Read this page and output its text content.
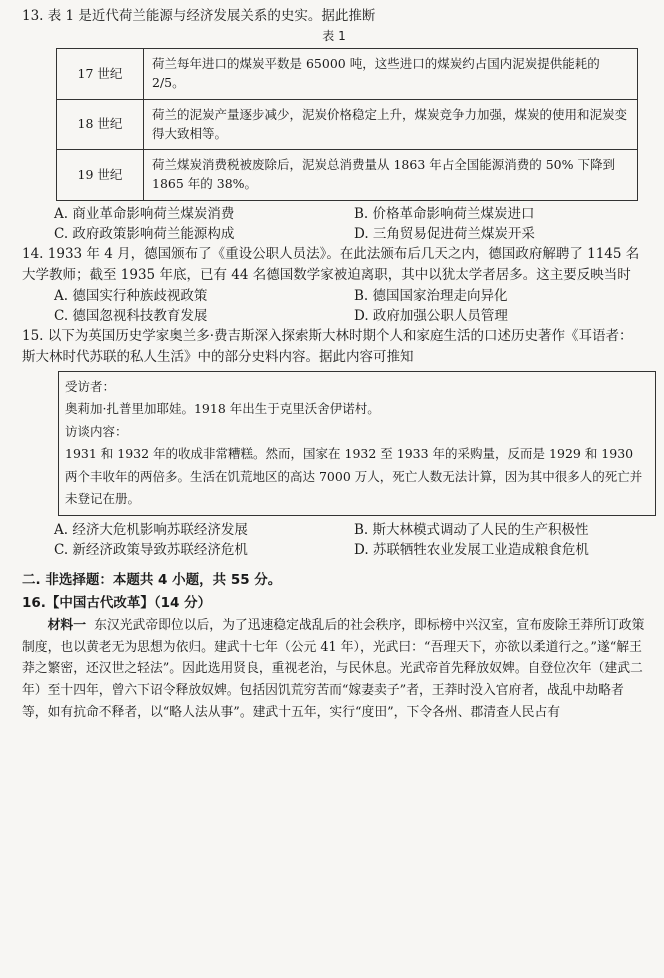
13. 表 1 是近代荷兰能源与经济发展关系的史实。据此推断

表 1

17 世纪	荷兰每年进口的煤炭平数是 65000 吨，这些进口的煤炭约占国内泥炭提供能耗的 2/5。
18 世纪	荷兰的泥炭产量逐步减少，泥炭价格稳定上升，煤炭竞争力加强，煤炭的使用和泥炭变得大致相等。
19 世纪	荷兰煤炭消费税被废除后，泥炭总消费量从 1863 年占全国能源消费的 50% 下降到 1865 年的 38%。
A. 商业革命影响荷兰煤炭消费	B. 价格革命影响荷兰煤炭进口
C. 政府政策影响荷兰能源构成	D. 三角贸易促进荷兰煤炭开采

14. 1933 年 4 月，德国颁布了《重设公职人员法》。在此法颁布后几天之内，德国政府解聘了 1145 名大学教师；截至 1935 年底，已有 44 名德国数学家被迫离职，其中以犹太学者居多。这主要反映当时

A. 德国实行种族歧视政策	B. 德国国家治理走向异化
C. 德国忽视科技教育发展	D. 政府加强公职人员管理

15. 以下为英国历史学家奥兰多·费吉斯深入探索斯大林时期个人和家庭生活的口述历史著作《耳语者：斯大林时代苏联的私人生活》中的部分史料内容。据此内容可推知

受访者：

奥莉加·扎普里加耶娃。1918 年出生于克里沃舍伊诺村。

访谈内容：

1931 和 1932 年的收成非常糟糕。然而，国家在 1932 至 1933 年的采购量，反而是 1929 和 1930 两个丰收年的两倍多。生活在饥荒地区的高达 7000 万人，死亡人数无法计算，因为其中很多人的死亡并未登记在册。

A. 经济大危机影响苏联经济发展	B. 斯大林模式调动了人民的生产积极性
C. 新经济政策导致苏联经济危机	D. 苏联牺牲农业发展工业造成粮食危机

二. 非选择题：本题共 4 小题，共 55 分。

16.【中国古代改革】（14 分）

材料一 东汉光武帝即位以后，为了迅速稳定战乱后的社会秩序，即标榜中兴汉室，宣布废除王莽所订政策制度，也以黄老无为思想为依归。建武十七年（公元 41 年），光武曰：“吾理天下，亦欲以柔道行之。”遂“解王莽之繁密，还汉世之轻法”。因此选用贤良，重视老治，与民休息。光武帝首先释放奴婢。自登位次年（建武二年）至十四年，曾六下诏令释放奴婢。包括因饥荒穷苦而“嫁妻卖子”者，王莽时没入官府者，战乱中劫略者等，如有抗命不释者，以“略人法从事”。建武十五年，实行“度田”，下令各州、郡清查人民占有
